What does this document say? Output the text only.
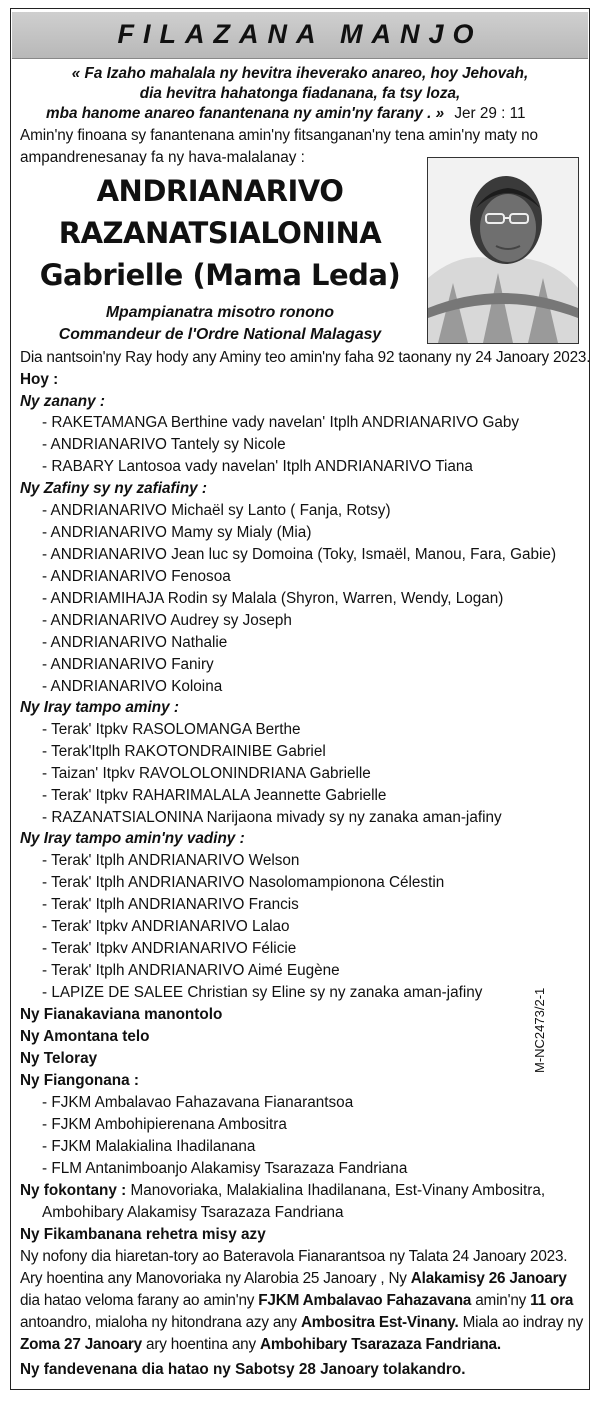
FILAZANA MANJO
« Fa Izaho mahalala ny hevitra iheverako anareo, hoy Jehovah,
dia hevitra hahatonga fiadanana, fa tsy loza,
mba hanome anareo fanantenana ny amin'ny farany . » Jer 29 : 11
Amin'ny finoana sy fanantenana amin'ny fitsanganan'ny tena amin'ny maty no
ampandrenesanay fa ny hava-malalanay :
ANDRIANARIVO
RAZANATSIALONINA
Gabrielle (Mama Leda)
Mpampianatra misotro ronono
Commandeur de l'Ordre National Malagasy
Dia nantsoin'ny Ray hody any Aminy teo amin'ny faha 92 taonany ny 24 Janoary 2023.
Hoy :
Ny zanany :
- RAKETAMANGA Berthine vady navelan' Itplh ANDRIANARIVO Gaby
- ANDRIANARIVO Tantely sy Nicole
- RABARY Lantosoa vady navelan' Itplh ANDRIANARIVO Tiana
Ny Zafiny sy ny zafiafiny :
- ANDRIANARIVO Michaël sy Lanto ( Fanja, Rotsy)
- ANDRIANARIVO Mamy sy Mialy (Mia)
- ANDRIANARIVO Jean luc sy Domoina (Toky, Ismaël, Manou, Fara, Gabie)
- ANDRIANARIVO Fenosoa
- ANDRIAMIHAJA Rodin sy Malala (Shyron, Warren, Wendy, Logan)
- ANDRIANARIVO Audrey sy Joseph
- ANDRIANARIVO Nathalie
- ANDRIANARIVO Faniry
- ANDRIANARIVO Koloina
Ny Iray tampo aminy :
- Terak' Itpkv RASOLOMANGA Berthe
- Terak'Itplh RAKOTONDRAINIBE Gabriel
- Taizan' Itpkv RAVOLOLONINDRIANA Gabrielle
- Terak' Itpkv RAHARIMALALA Jeannette Gabrielle
- RAZANATSIALONINA Narijaona mivady sy ny zanaka aman-jafiny
Ny Iray tampo amin'ny vadiny :
- Terak' Itplh ANDRIANARIVO Welson
- Terak' Itplh ANDRIANARIVO Nasolomampionona Célestin
- Terak' Itplh ANDRIANARIVO Francis
- Terak' Itpkv ANDRIANARIVO Lalao
- Terak' Itpkv ANDRIANARIVO Félicie
- Terak' Itplh ANDRIANARIVO Aimé Eugène
- LAPIZE DE SALEE Christian sy Eline sy ny zanaka aman-jafiny
Ny Fianakaviana manontolo
Ny Amontana telo
Ny Teloray
Ny Fiangonana :
- FJKM Ambalavao Fahazavana Fianarantsoa
- FJKM Ambohipierenana Ambositra
- FJKM Malakialina Ihadilanana
- FLM Antanimboanjo Alakamisy Tsarazaza Fandriana
M-NC2473/2-1
Ny fokontany : Manovoriaka, Malakialina Ihadilanana, Est-Vinany Ambositra,
Ambohibary Alakamisy Tsarazaza Fandriana
Ny Fikambanana rehetra misy azy
Ny nofony dia hiaretan-tory ao Bateravola Fianarantsoa ny Talata 24 Janoary 2023.
Ary hoentina any Manovoriaka ny Alarobia 25 Janoary , Ny Alakamisy 26 Janoary
dia hatao veloma farany ao amin'ny FJKM Ambalavao Fahazavana amin'ny 11 ora
antoandro, mialoha ny hitondrana azy any Ambositra Est-Vinany. Miala ao indray ny
Zoma 27 Janoary ary hoentina any Ambohibary Tsarazaza Fandriana.
Ny fandevenana dia hatao ny Sabotsy 28 Janoary tolakandro.
